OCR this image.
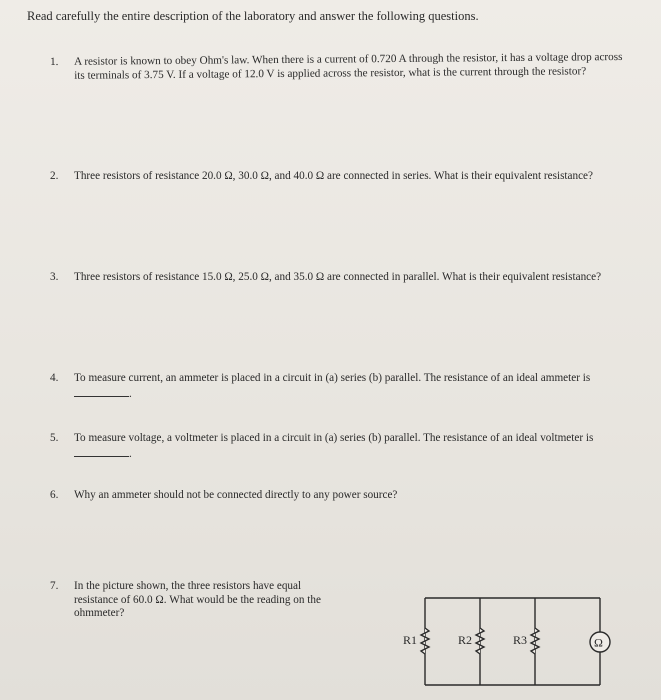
Read carefully the entire description of the laboratory and answer the following questions.
1.	A resistor is known to obey Ohm's law. When there is a current of 0.720 A through the resistor, it has a voltage drop across its terminals of 3.75 V. If a voltage of 12.0 V is applied across the resistor, what is the current through the resistor?
2.	Three resistors of resistance 20.0 Ω, 30.0 Ω, and 40.0 Ω are connected in series. What is their equivalent resistance?
3.	Three resistors of resistance 15.0 Ω, 25.0 Ω, and 35.0 Ω are connected in parallel. What is their equivalent resistance?
4.	To measure current, an ammeter is placed in a circuit in (a) series (b) parallel. The resistance of an ideal ammeter is .
5.	To measure voltage, a voltmeter is placed in a circuit in (a) series (b) parallel. The resistance of an ideal voltmeter is .
6.	Why an ammeter should not be connected directly to any power source?
7.	In the picture shown, the three resistors have equal resistance of 60.0 Ω. What would be the reading on the ohmmeter?
R1	R2	R3	Ω
